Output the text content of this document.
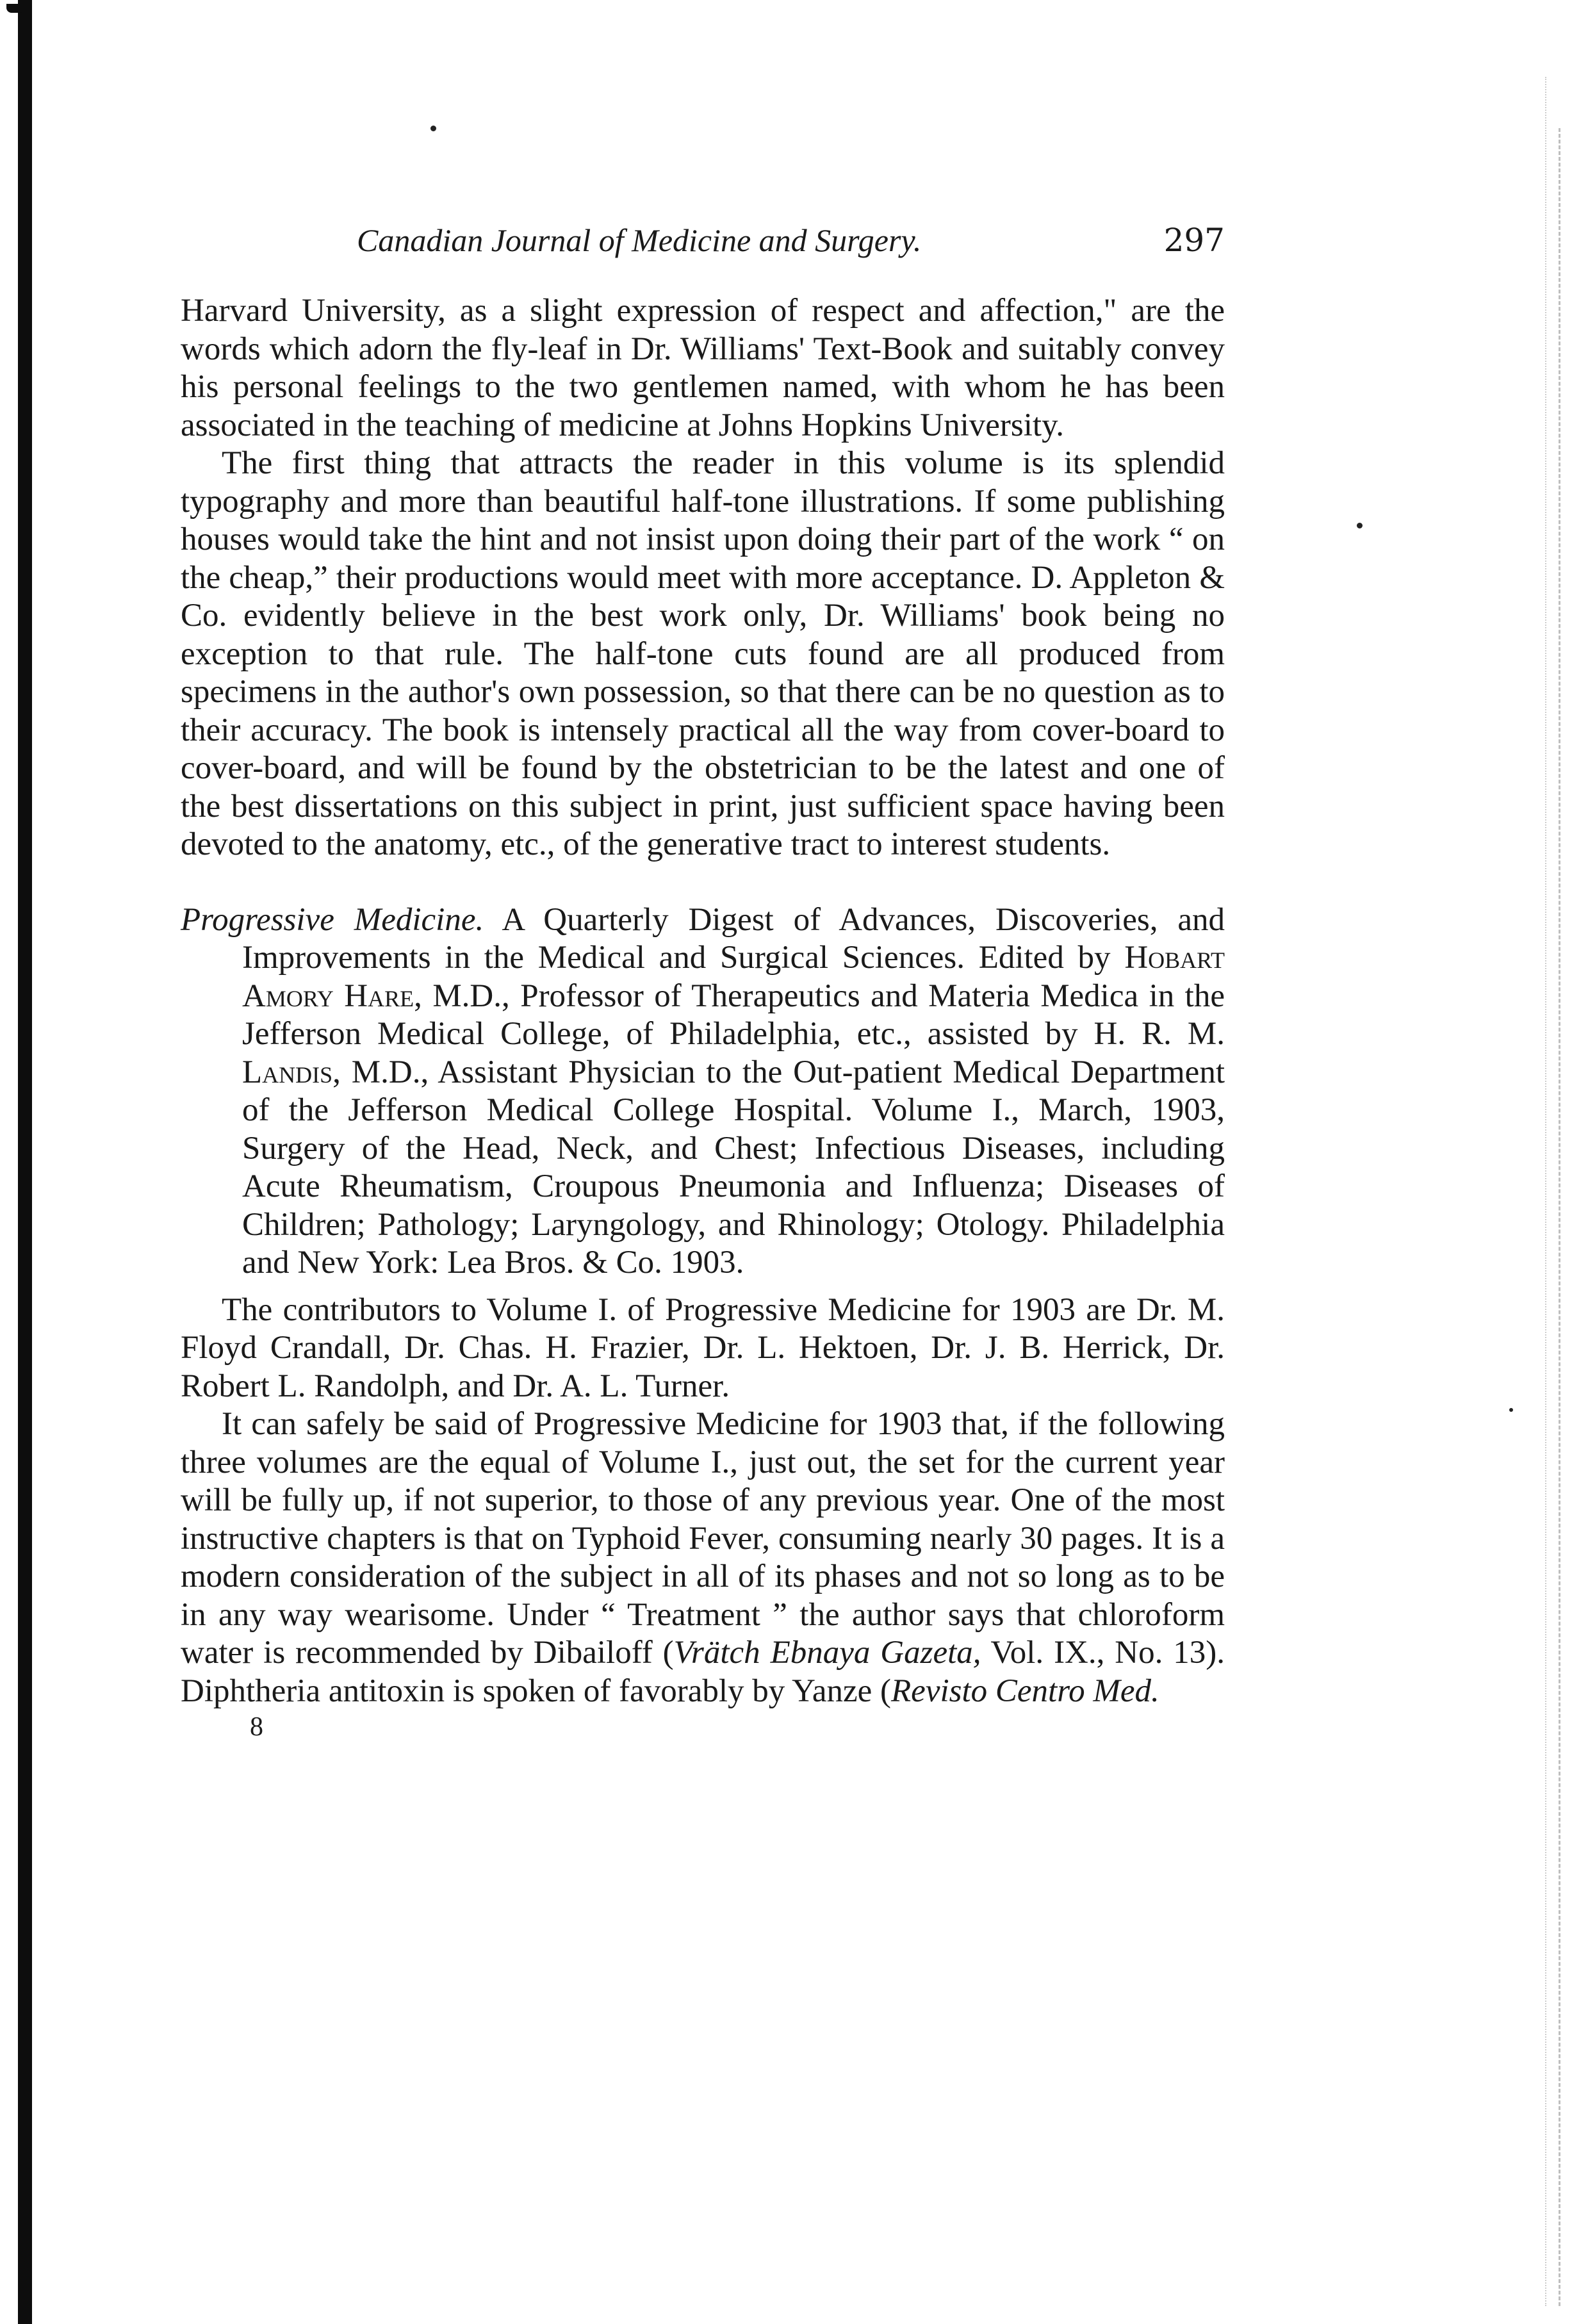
Canadian Journal of Medicine and Surgery.	297

Harvard University, as a slight expression of respect and affection," are the words which adorn the fly-leaf in Dr. Williams' Text-Book and suitably convey his personal feelings to the two gentlemen named, with whom he has been associated in the teaching of medicine at Johns Hopkins University.

The first thing that attracts the reader in this volume is its splendid typography and more than beautiful half-tone illustrations. If some publishing houses would take the hint and not insist upon doing their part of the work “ on the cheap,” their productions would meet with more acceptance. D. Appleton & Co. evidently believe in the best work only, Dr. Williams' book being no exception to that rule. The half-tone cuts found are all produced from specimens in the author's own possession, so that there can be no question as to their accuracy. The book is intensely practical all the way from cover-board to cover-board, and will be found by the obstetrician to be the latest and one of the best dissertations on this subject in print, just sufficient space having been devoted to the anatomy, etc., of the generative tract to interest students.

Progressive Medicine. A Quarterly Digest of Advances, Discoveries, and Improvements in the Medical and Surgical Sciences. Edited by Hobart Amory Hare, M.D., Professor of Therapeutics and Materia Medica in the Jefferson Medical College, of Philadelphia, etc., assisted by H. R. M. Landis, M.D., Assistant Physician to the Out-patient Medical Department of the Jefferson Medical College Hospital. Volume I., March, 1903, Surgery of the Head, Neck, and Chest; Infectious Diseases, including Acute Rheumatism, Croupous Pneumonia and Influenza; Diseases of Children; Pathology; Laryngology, and Rhinology; Otology. Philadelphia and New York: Lea Bros. & Co. 1903.

The contributors to Volume I. of Progressive Medicine for 1903 are Dr. M. Floyd Crandall, Dr. Chas. H. Frazier, Dr. L. Hektoen, Dr. J. B. Herrick, Dr. Robert L. Randolph, and Dr. A. L. Turner.

It can safely be said of Progressive Medicine for 1903 that, if the following three volumes are the equal of Volume I., just out, the set for the current year will be fully up, if not superior, to those of any previous year. One of the most instructive chapters is that on Typhoid Fever, consuming nearly 30 pages. It is a modern consideration of the subject in all of its phases and not so long as to be in any way wearisome. Under “ Treatment ” the author says that chloroform water is recommended by Dibailoff (Vrätch Ebnaya Gazeta, Vol. IX., No. 13). Diphtheria antitoxin is spoken of favorably by Yanze (Revisto Centro Med.

8
